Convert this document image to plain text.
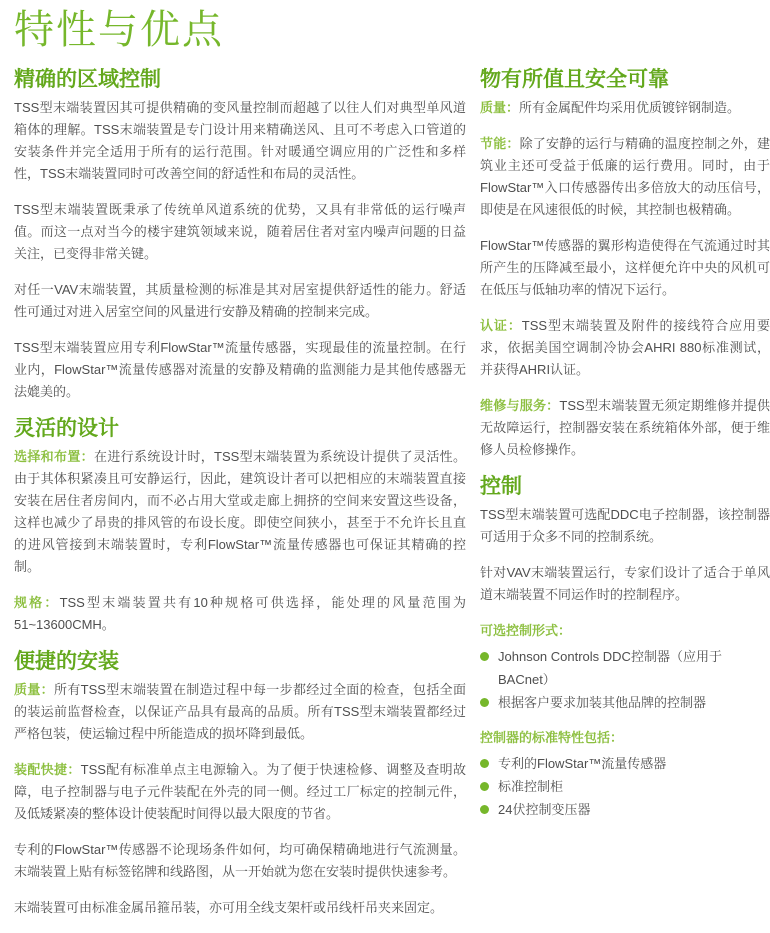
特性与优点
精确的区域控制

TSS型末端装置因其可提供精确的变风量控制而超越了以往人们对典型单风道箱体的理解。TSS末端装置是专门设计用来精确送风、且可不考虑入口管道的安装条件并完全适用于所有的运行范围。针对暖通空调应用的广泛性和多样性，TSS末端装置同时可改善空间的舒适性和布局的灵活性。

TSS型末端装置既秉承了传统单风道系统的优势，又具有非常低的运行噪声值。而这一点对当今的楼宇建筑领域来说，随着居住者对室内噪声问题的日益关注，已变得非常关键。

对任一VAV末端装置，其质量检测的标准是其对居室提供舒适性的能力。舒适性可通过对进入居室空间的风量进行安静及精确的控制来完成。

TSS型末端装置应用专利FlowStar™流量传感器，实现最佳的流量控制。在行业内，FlowStar™流量传感器对流量的安静及精确的监测能力是其他传感器无法媲美的。

灵活的设计

选择和布置：在进行系统设计时，TSS型末端装置为系统设计提供了灵活性。由于其体积紧凑且可安静运行，因此，建筑设计者可以把相应的末端装置直接安装在居住者房间内，而不必占用大堂或走廊上拥挤的空间来安置这些设备，这样也减少了昂贵的排风管的布设长度。即使空间狭小，甚至于不允许长且直的进风管接到末端装置时，专利FlowStar™流量传感器也可保证其精确的控制。

规格：TSS型末端装置共有10种规格可供选择，能处理的风量范围为51~13600CMH。

便捷的安装

质量：所有TSS型末端装置在制造过程中每一步都经过全面的检查，包括全面的装运前监督检查，以保证产品具有最高的品质。所有TSS型末端装置都经过严格包装，使运输过程中所能造成的损坏降到最低。

装配快捷：TSS配有标准单点主电源输入。为了便于快速检修、调整及查明故障，电子控制器与电子元件装配在外壳的同一侧。经过工厂标定的控制元件，及低矮紧凑的整体设计使装配时间得以最大限度的节省。

专利的FlowStar™传感器不论现场条件如何，均可确保精确地进行气流测量。末端装置上贴有标签铭牌和线路图，从一开始就为您在安装时提供快速参考。

末端装置可由标准金属吊箍吊装，亦可用全线支架杆或吊线杆吊夹来固定。

物有所值且安全可靠

质量：所有金属配件均采用优质镀锌钢制造。

节能：除了安静的运行与精确的温度控制之外，建筑业主还可受益于低廉的运行费用。同时，由于FlowStar™入口传感器传出多倍放大的动压信号，即使是在风速很低的时候，其控制也极精确。

FlowStar™传感器的翼形构造使得在气流通过时其所产生的压降减至最小，这样便允许中央的风机可在低压与低轴功率的情况下运行。

认证：TSS型末端装置及附件的接线符合应用要求，依据美国空调制冷协会AHRI 880标准测试，并获得AHRI认证。

维修与服务：TSS型末端装置无须定期维修并提供无故障运行，控制器安装在系统箱体外部，便于维修人员检修操作。

控制

TSS型末端装置可选配DDC电子控制器，该控制器可适用于众多不同的控制系统。

针对VAV末端装置运行，专家们设计了适合于单风道末端装置不同运作时的控制程序。

可选控制形式：
Johnson Controls DDC控制器（应用于BACnet）
根据客户要求加装其他品牌的控制器
控制器的标准特性包括：
专利的FlowStar™流量传感器
标准控制柜
24伏控制变压器
